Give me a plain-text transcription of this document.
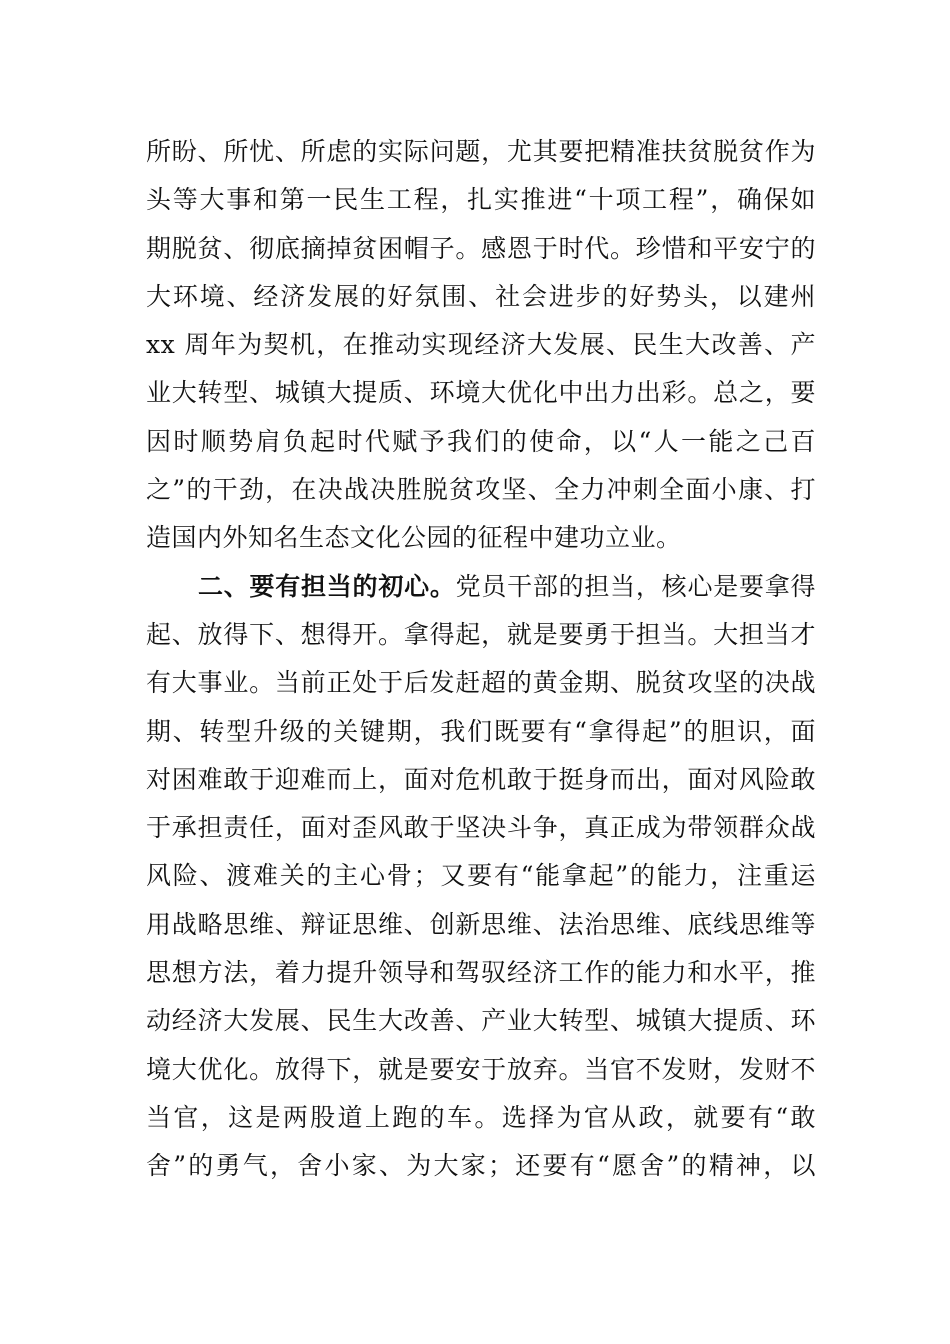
所盼、所忧、所虑的实际问题，尤其要把精准扶贫脱贫作为
头等大事和第一民生工程，扎实推进“十项工程”，确保如
期脱贫、彻底摘掉贫困帽子。感恩于时代。珍惜和平安宁的
大环境、经济发展的好氛围、社会进步的好势头，以建州
xx 周年为契机，在推动实现经济大发展、民生大改善、产
业大转型、城镇大提质、环境大优化中出力出彩。总之，要
因时顺势肩负起时代赋予我们的使命，以“人一能之己百
之”的干劲，在决战决胜脱贫攻坚、全力冲刺全面小康、打
造国内外知名生态文化公园的征程中建功立业。
二、要有担当的初心。党员干部的担当，核心是要拿得
起、放得下、想得开。拿得起，就是要勇于担当。大担当才
有大事业。当前正处于后发赶超的黄金期、脱贫攻坚的决战
期、转型升级的关键期，我们既要有“拿得起”的胆识，面
对困难敢于迎难而上，面对危机敢于挺身而出，面对风险敢
于承担责任，面对歪风敢于坚决斗争，真正成为带领群众战
风险、渡难关的主心骨；又要有“能拿起”的能力，注重运
用战略思维、辩证思维、创新思维、法治思维、底线思维等
思想方法，着力提升领导和驾驭经济工作的能力和水平，推
动经济大发展、民生大改善、产业大转型、城镇大提质、环
境大优化。放得下，就是要安于放弃。当官不发财，发财不
当官，这是两股道上跑的车。选择为官从政，就要有“敢
舍”的勇气，舍小家、为大家；还要有“愿舍”的精神，以
